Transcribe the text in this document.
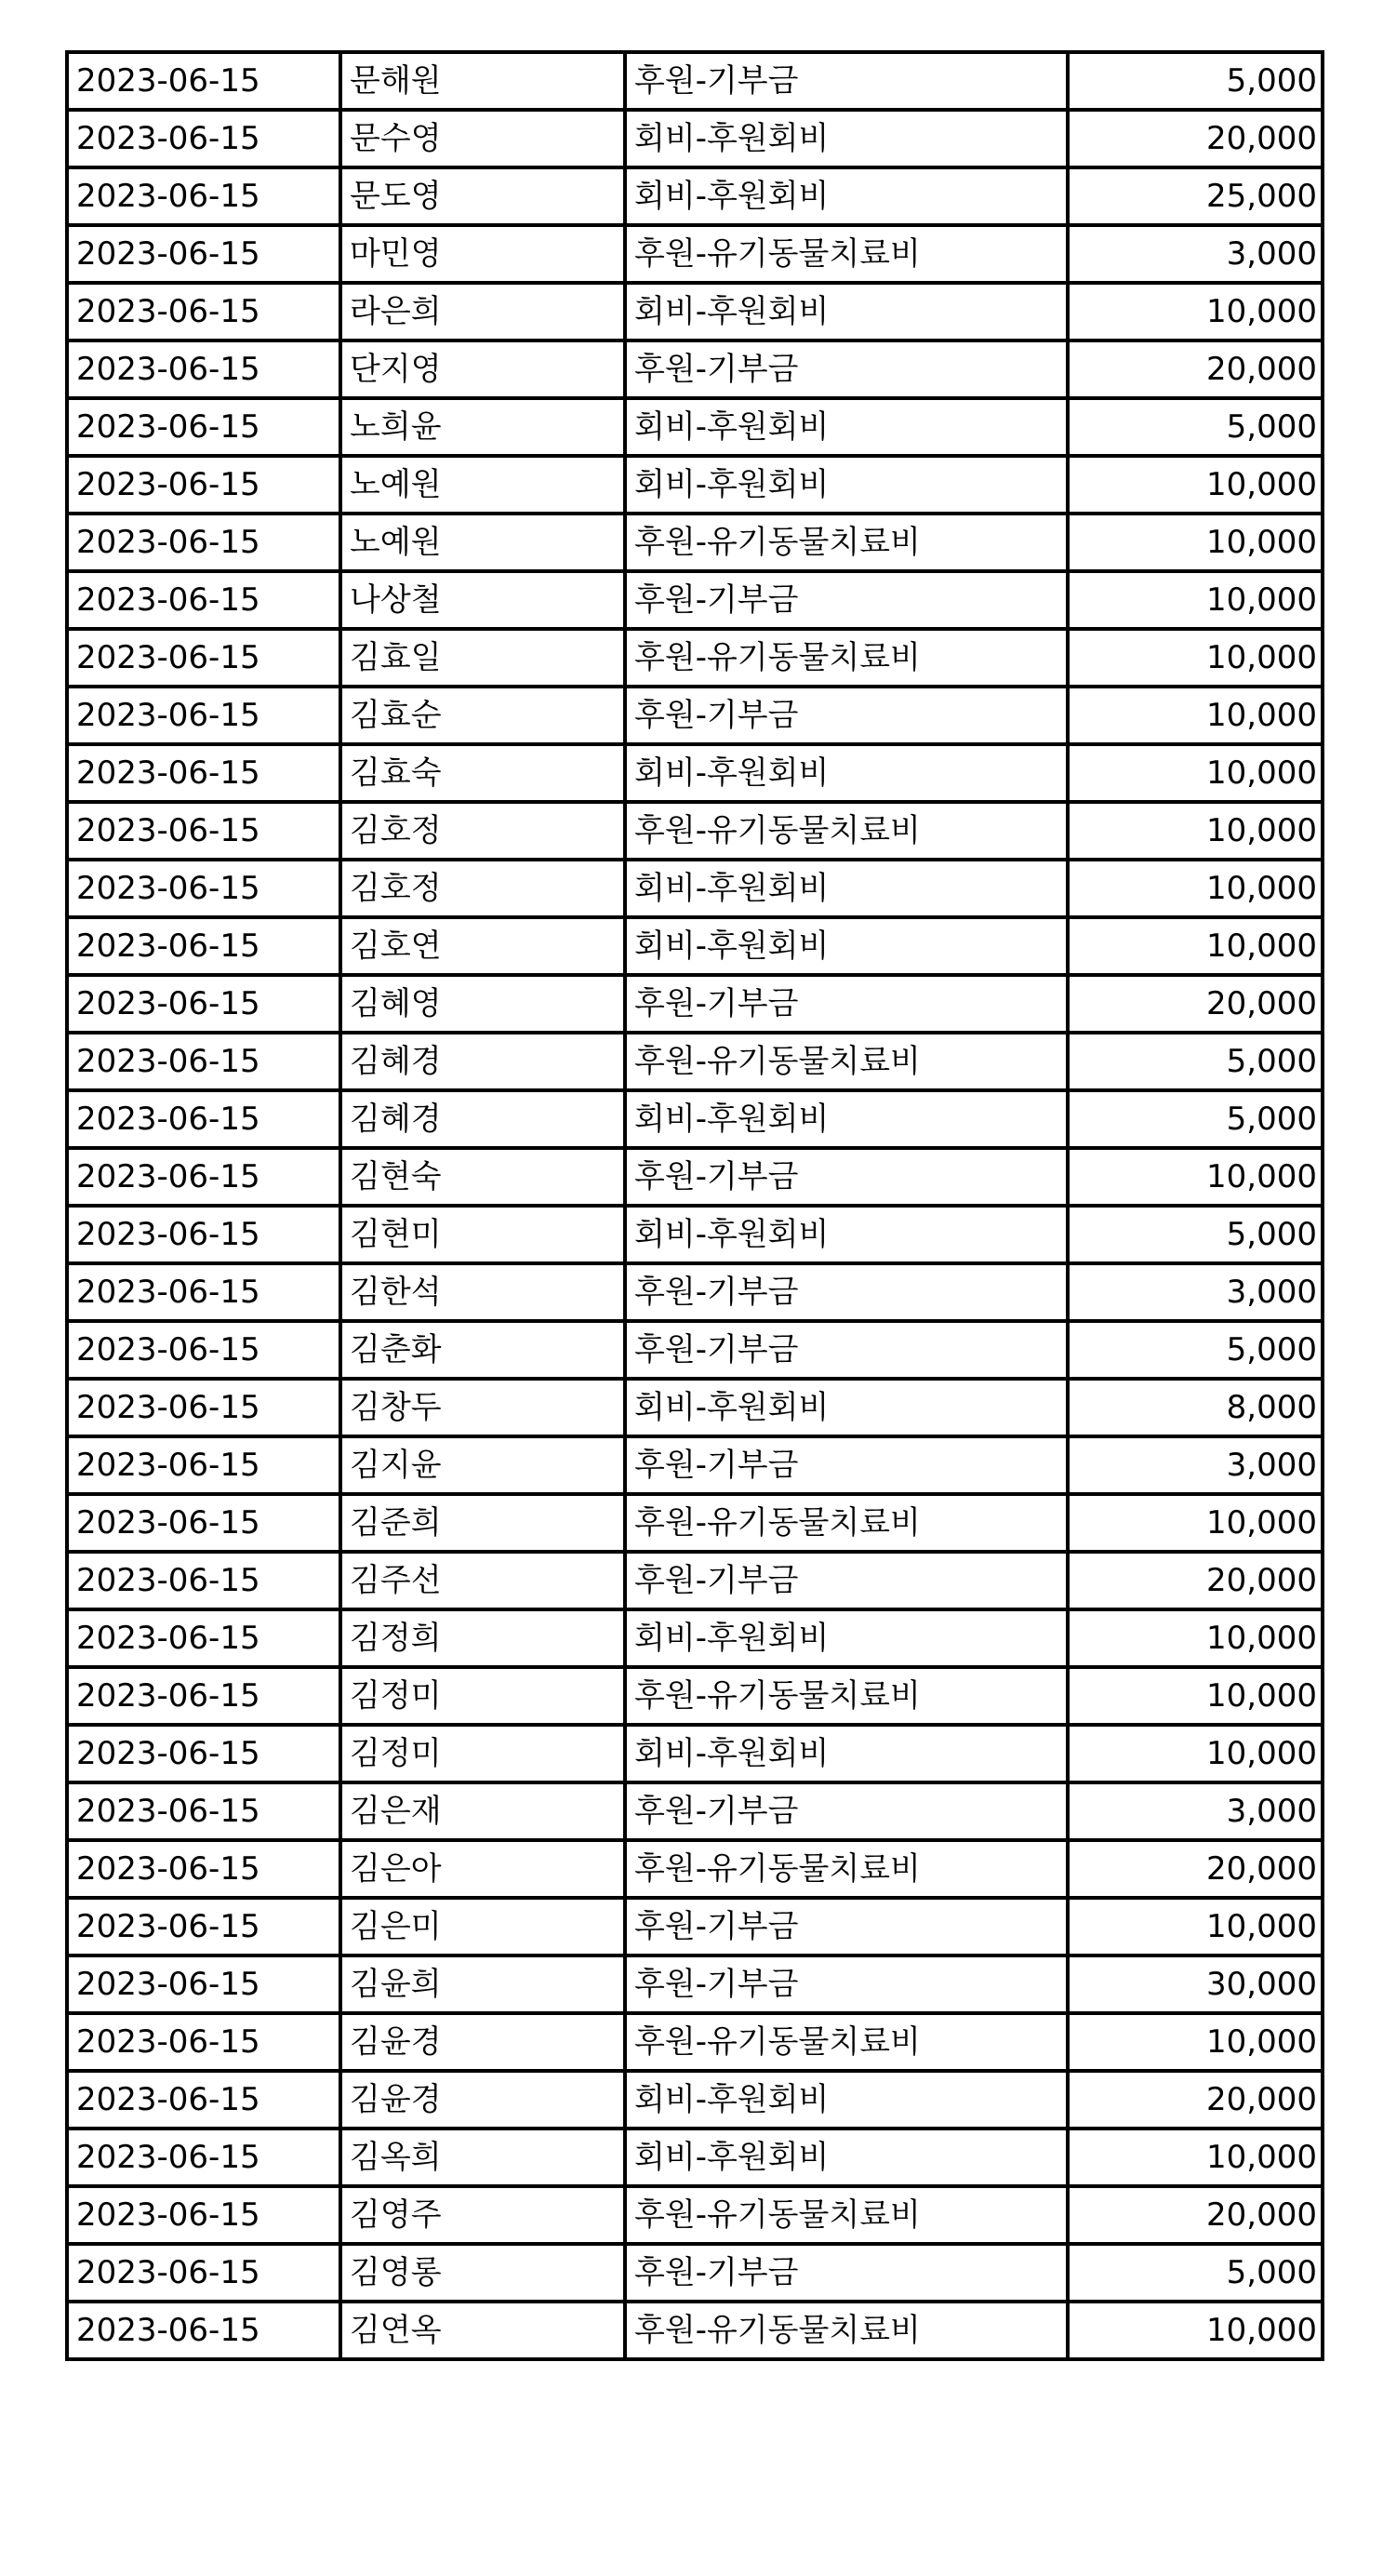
2023-06-15	문해원	후원-기부금	5,000
2023-06-15	문수영	회비-후원회비	20,000
2023-06-15	문도영	회비-후원회비	25,000
2023-06-15	마민영	후원-유기동물치료비	3,000
2023-06-15	라은희	회비-후원회비	10,000
2023-06-15	단지영	후원-기부금	20,000
2023-06-15	노희윤	회비-후원회비	5,000
2023-06-15	노예원	회비-후원회비	10,000
2023-06-15	노예원	후원-유기동물치료비	10,000
2023-06-15	나상철	후원-기부금	10,000
2023-06-15	김효일	후원-유기동물치료비	10,000
2023-06-15	김효순	후원-기부금	10,000
2023-06-15	김효숙	회비-후원회비	10,000
2023-06-15	김호정	후원-유기동물치료비	10,000
2023-06-15	김호정	회비-후원회비	10,000
2023-06-15	김호연	회비-후원회비	10,000
2023-06-15	김혜영	후원-기부금	20,000
2023-06-15	김혜경	후원-유기동물치료비	5,000
2023-06-15	김혜경	회비-후원회비	5,000
2023-06-15	김현숙	후원-기부금	10,000
2023-06-15	김현미	회비-후원회비	5,000
2023-06-15	김한석	후원-기부금	3,000
2023-06-15	김춘화	후원-기부금	5,000
2023-06-15	김창두	회비-후원회비	8,000
2023-06-15	김지윤	후원-기부금	3,000
2023-06-15	김준희	후원-유기동물치료비	10,000
2023-06-15	김주선	후원-기부금	20,000
2023-06-15	김정희	회비-후원회비	10,000
2023-06-15	김정미	후원-유기동물치료비	10,000
2023-06-15	김정미	회비-후원회비	10,000
2023-06-15	김은재	후원-기부금	3,000
2023-06-15	김은아	후원-유기동물치료비	20,000
2023-06-15	김은미	후원-기부금	10,000
2023-06-15	김윤희	후원-기부금	30,000
2023-06-15	김윤경	후원-유기동물치료비	10,000
2023-06-15	김윤경	회비-후원회비	20,000
2023-06-15	김옥희	회비-후원회비	10,000
2023-06-15	김영주	후원-유기동물치료비	20,000
2023-06-15	김영롱	후원-기부금	5,000
2023-06-15	김연옥	후원-유기동물치료비	10,000
